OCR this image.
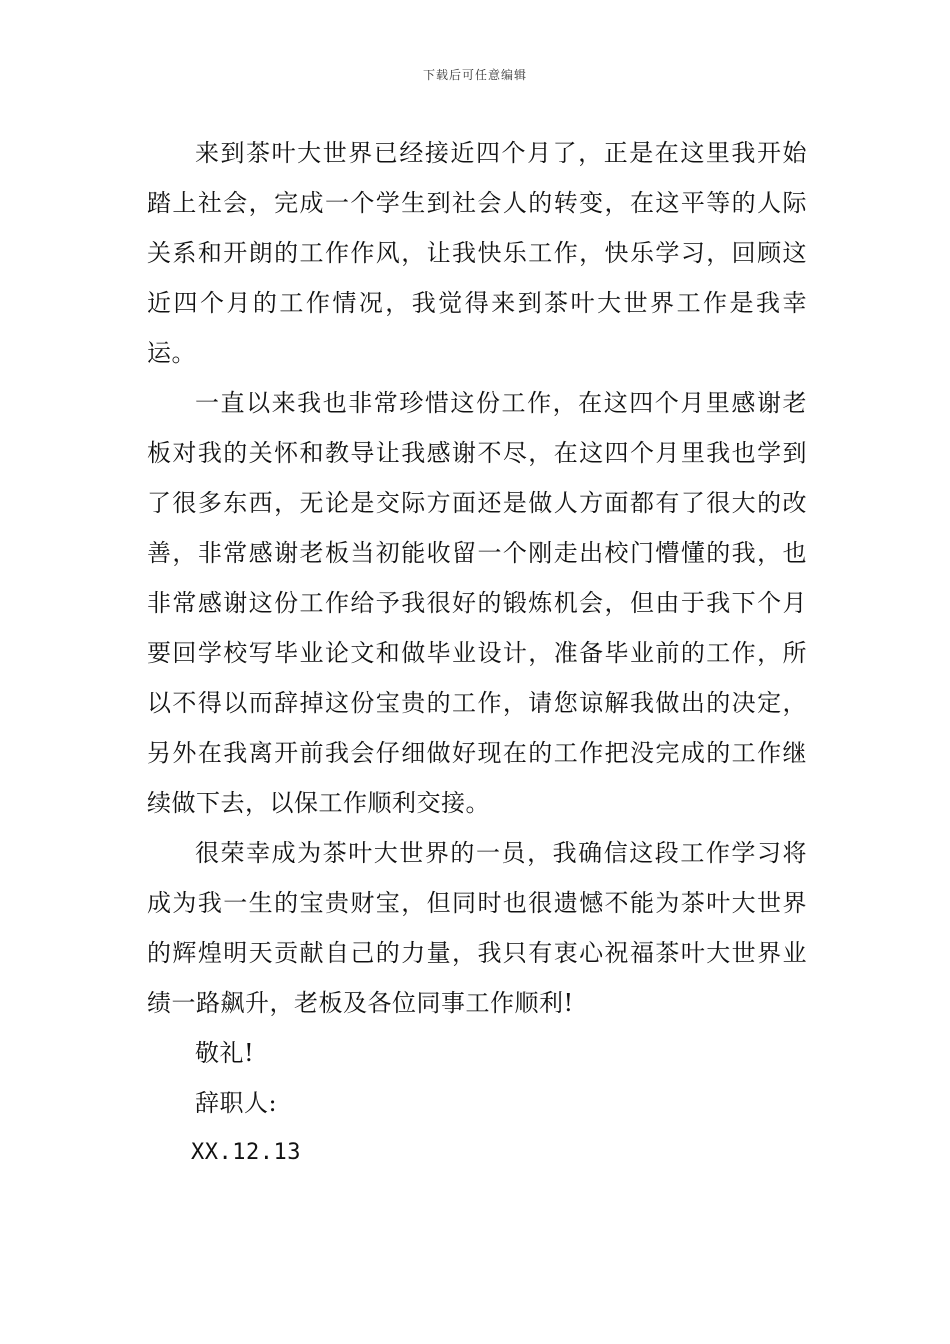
下载后可任意编辑

来到茶叶大世界已经接近四个月了，正是在这里我开始踏上社会，完成一个学生到社会人的转变，在这平等的人际关系和开朗的工作作风，让我快乐工作，快乐学习，回顾这近四个月的工作情况，我觉得来到茶叶大世界工作是我幸运。

一直以来我也非常珍惜这份工作，在这四个月里感谢老板对我的关怀和教导让我感谢不尽，在这四个月里我也学到了很多东西，无论是交际方面还是做人方面都有了很大的改善，非常感谢老板当初能收留一个刚走出校门懵懂的我，也非常感谢这份工作给予我很好的锻炼机会，但由于我下个月要回学校写毕业论文和做毕业设计，准备毕业前的工作，所以不得以而辞掉这份宝贵的工作，请您谅解我做出的决定，另外在我离开前我会仔细做好现在的工作把没完成的工作继续做下去，以保工作顺利交接。

很荣幸成为茶叶大世界的一员，我确信这段工作学习将成为我一生的宝贵财宝，但同时也很遗憾不能为茶叶大世界的辉煌明天贡献自己的力量，我只有衷心祝福茶叶大世界业绩一路飙升，老板及各位同事工作顺利!

敬礼!

辞职人:

XX.12.13
